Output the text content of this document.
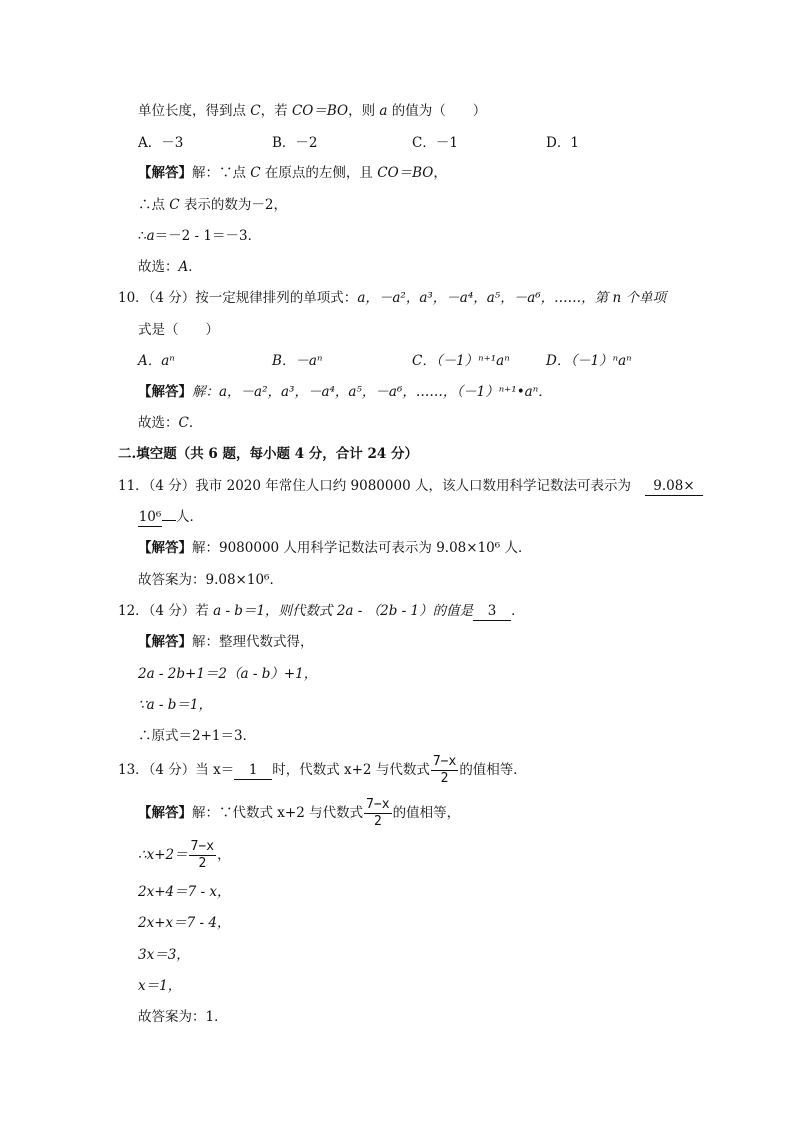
单位长度，得到点 C，若 CO＝BO，则 a 的值为（　　）
A．－3	B．－2	C．－1	D．1
【解答】解：∵点 C 在原点的左侧，且 CO＝BO，
∴点 C 表示的数为－2，
∴a＝－2 - 1＝－3．
故选：A．
10．（4 分）按一定规律排列的单项式：a，－a²，a³，－a⁴，a⁵，－a⁶，……，第 n 个单项
式是（　　）
A．aⁿ	B．－aⁿ	C．（－1）ⁿ⁺¹aⁿ	D．（－1）ⁿaⁿ
【解答】解：a，－a²，a³，－a⁴，a⁵，－a⁶，……，（－1）ⁿ⁺¹•aⁿ．
故选：C．
二.填空题（共 6 题，每小题 4 分，合计 24 分）
11．（4 分）我市 2020 年常住人口约 9080000 人，该人口数用科学记数法可表示为 9.08×
10⁶ 人．
【解答】解：9080000 人用科学记数法可表示为 9.08×10⁶ 人．
故答案为：9.08×10⁶．
12．（4 分）若 a - b＝1，则代数式 2a - （2b - 1）的值是 3 ．
【解答】解：整理代数式得，
2a - 2b+1＝2（a - b）+1，
∵a - b＝1，
∴原式＝2+1＝3．
13．（4 分）当 x＝ 1 时，代数式 x+2 与代数式 $\frac{7-x}{2}$ 的值相等．
【解答】解：∵代数式 x+2 与代数式 $\frac{7-x}{2}$ 的值相等，
∴x+2＝ $\frac{7-x}{2}$ ，
2x+4＝7 - x，
2x+x＝7 - 4，
3x＝3，
x＝1，
故答案为：1．
